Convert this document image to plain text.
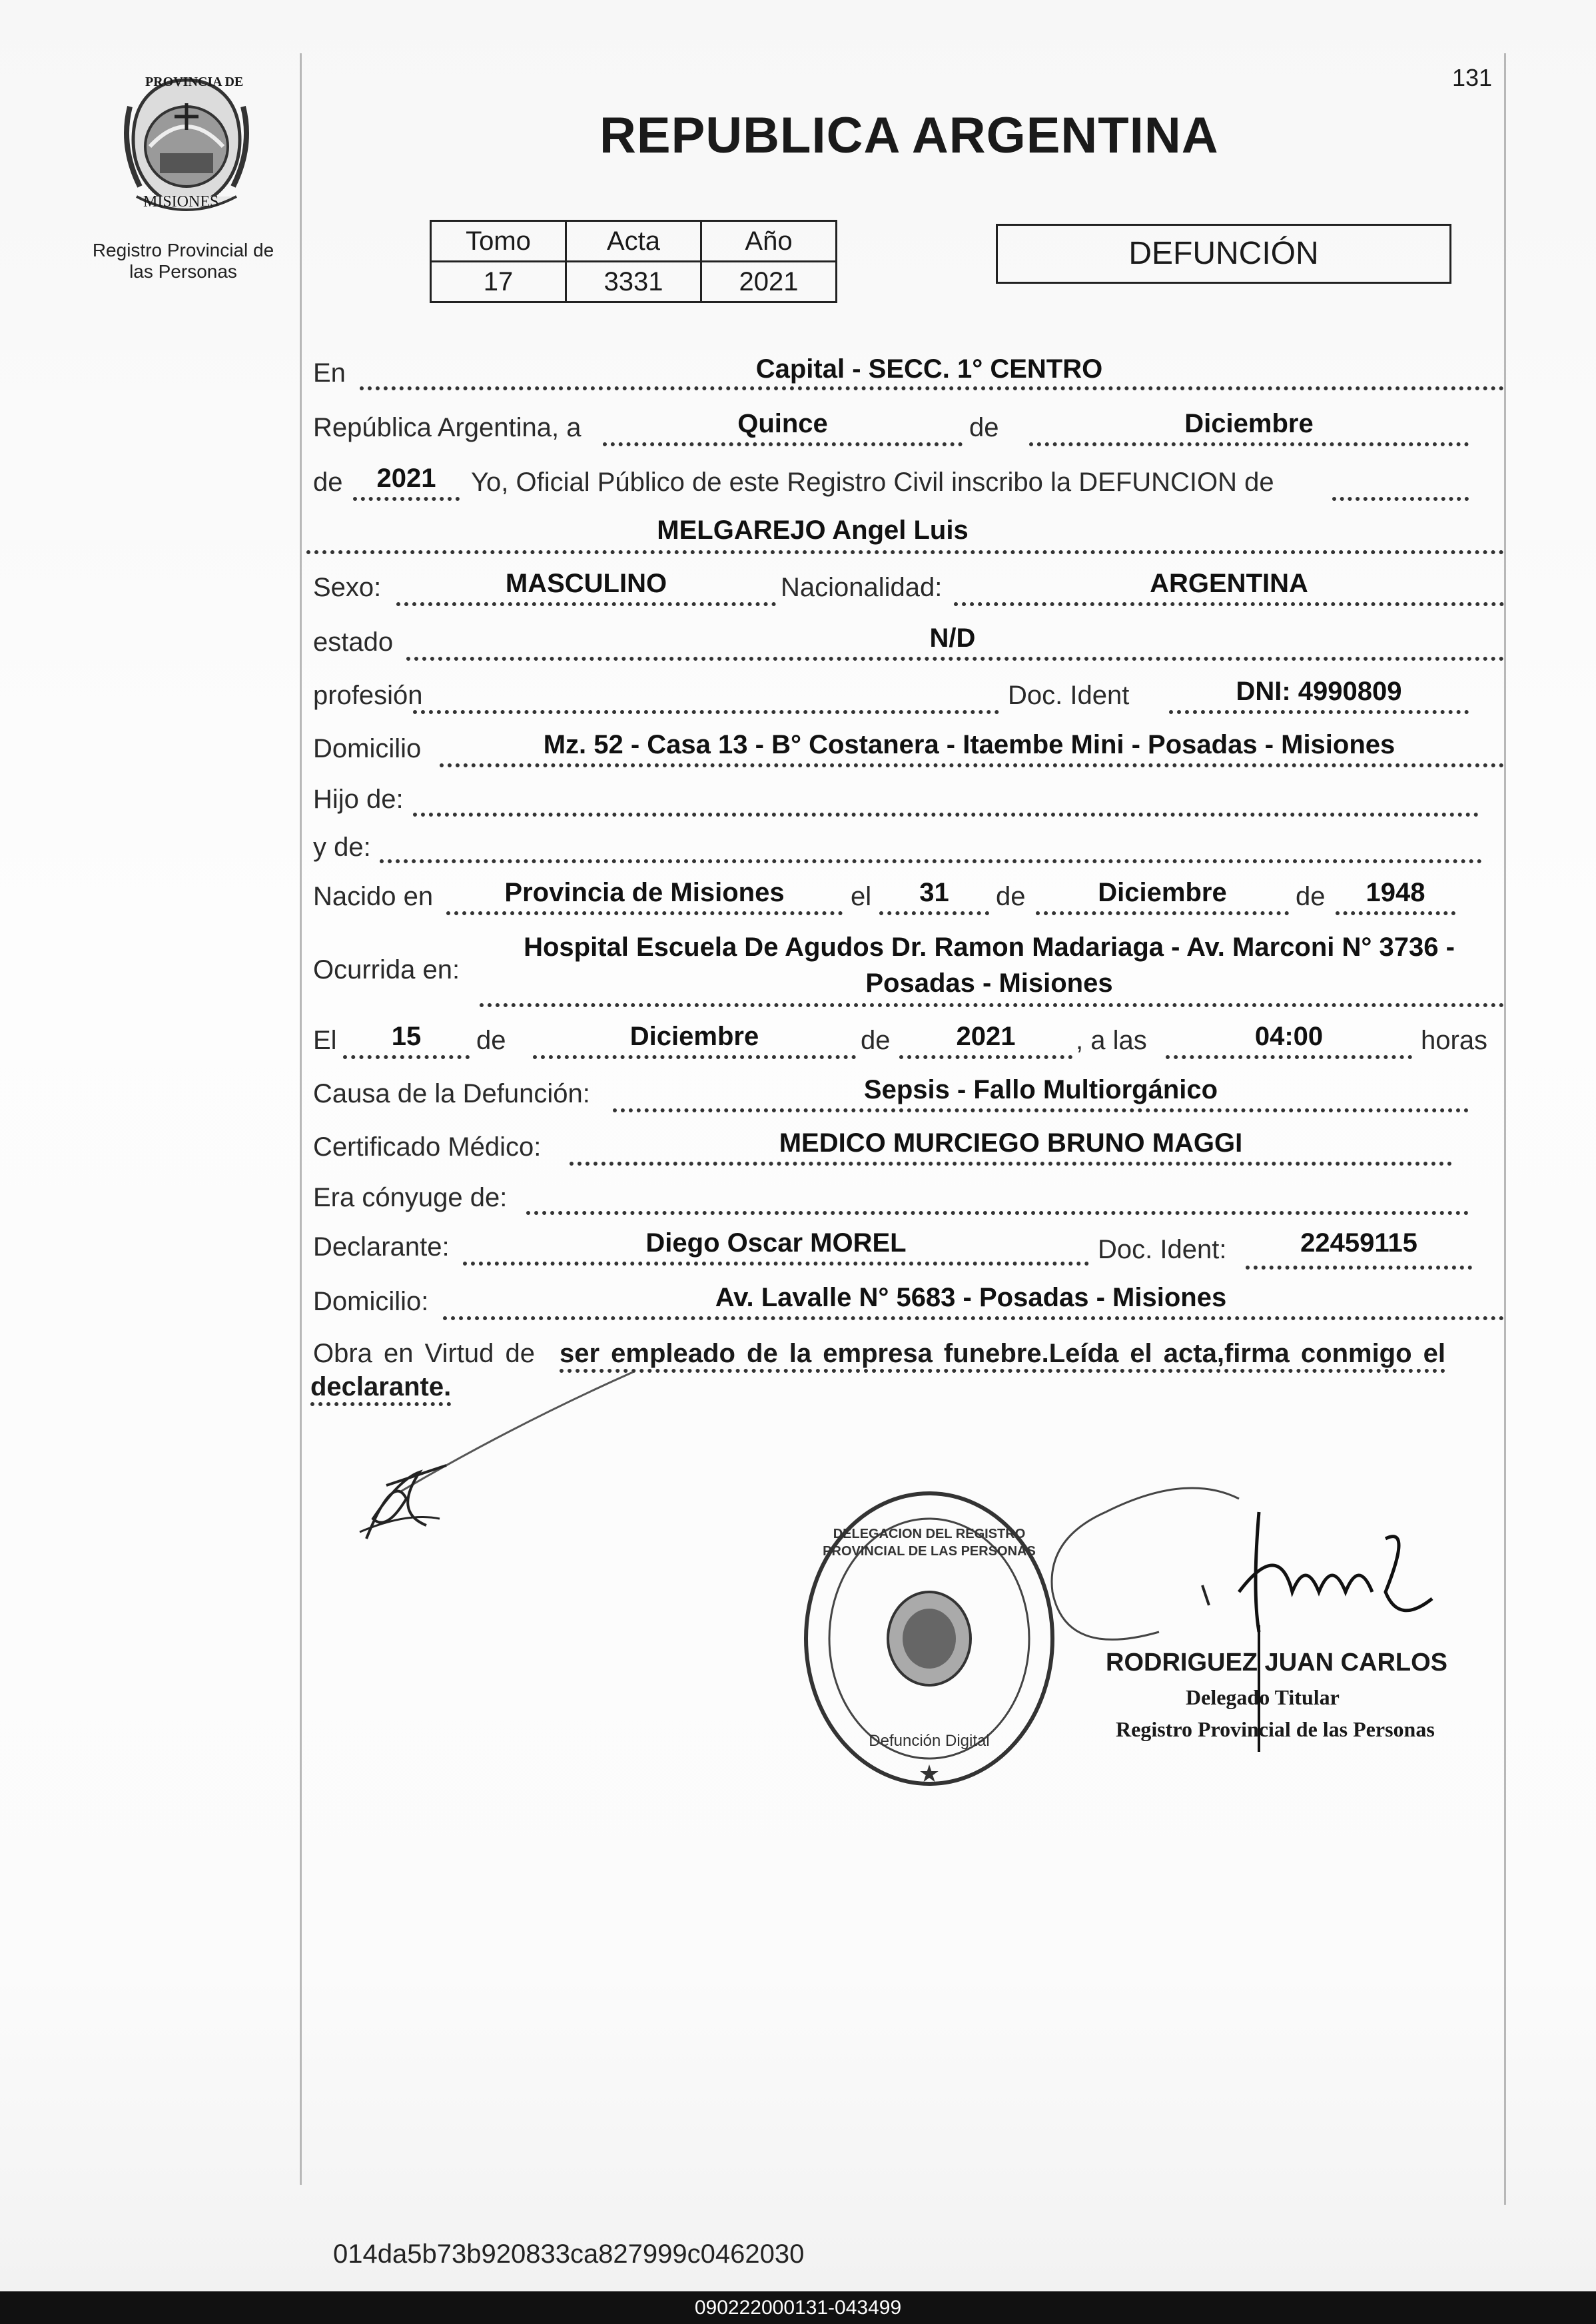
131
PROVINCIA DE
MISIONES
Registro Provincial de las Personas
REPUBLICA ARGENTINA
Tomo	Acta	Año
17	3331	2021
DEFUNCIÓN
En	Capital - SECC. 1° CENTRO
República Argentina, a	Quince	de	Diciembre
de	2021	Yo, Oficial Público de este Registro Civil inscribo la DEFUNCION de
MELGAREJO Angel Luis
Sexo:	MASCULINO	Nacionalidad:	ARGENTINA
estado	N/D
profesión	Doc. Ident	DNI: 4990809
Domicilio	Mz. 52 - Casa 13 - B° Costanera - Itaembe Mini - Posadas - Misiones
Hijo de:
y de:
Nacido en	Provincia de Misiones	el	31	de	Diciembre	de	1948
Ocurrida en:
Hospital Escuela De Agudos Dr. Ramon Madariaga - Av. Marconi N° 3736 -
Posadas - Misiones
El	15	de	Diciembre	de	2021	, a las	04:00	horas
Causa de la Defunción:	Sepsis - Fallo Multiorgánico
Certificado Médico:	MEDICO MURCIEGO BRUNO MAGGI
Era cónyuge de:
Declarante:	Diego Oscar MOREL	Doc. Ident:	22459115
Domicilio:	Av. Lavalle N° 5683 - Posadas - Misiones
Obra en Virtud de ser empleado de la empresa funebre.Leída el acta,firma conmigo el
declarante.
★
DELEGACION DEL REGISTRO PROVINCIAL DE LAS PERSONAS
Defunción Digital
RODRIGUEZ JUAN CARLOS
Delegado Titular
Registro Provincial de las Personas
014da5b73b920833ca827999c0462030
090222000131-043499
